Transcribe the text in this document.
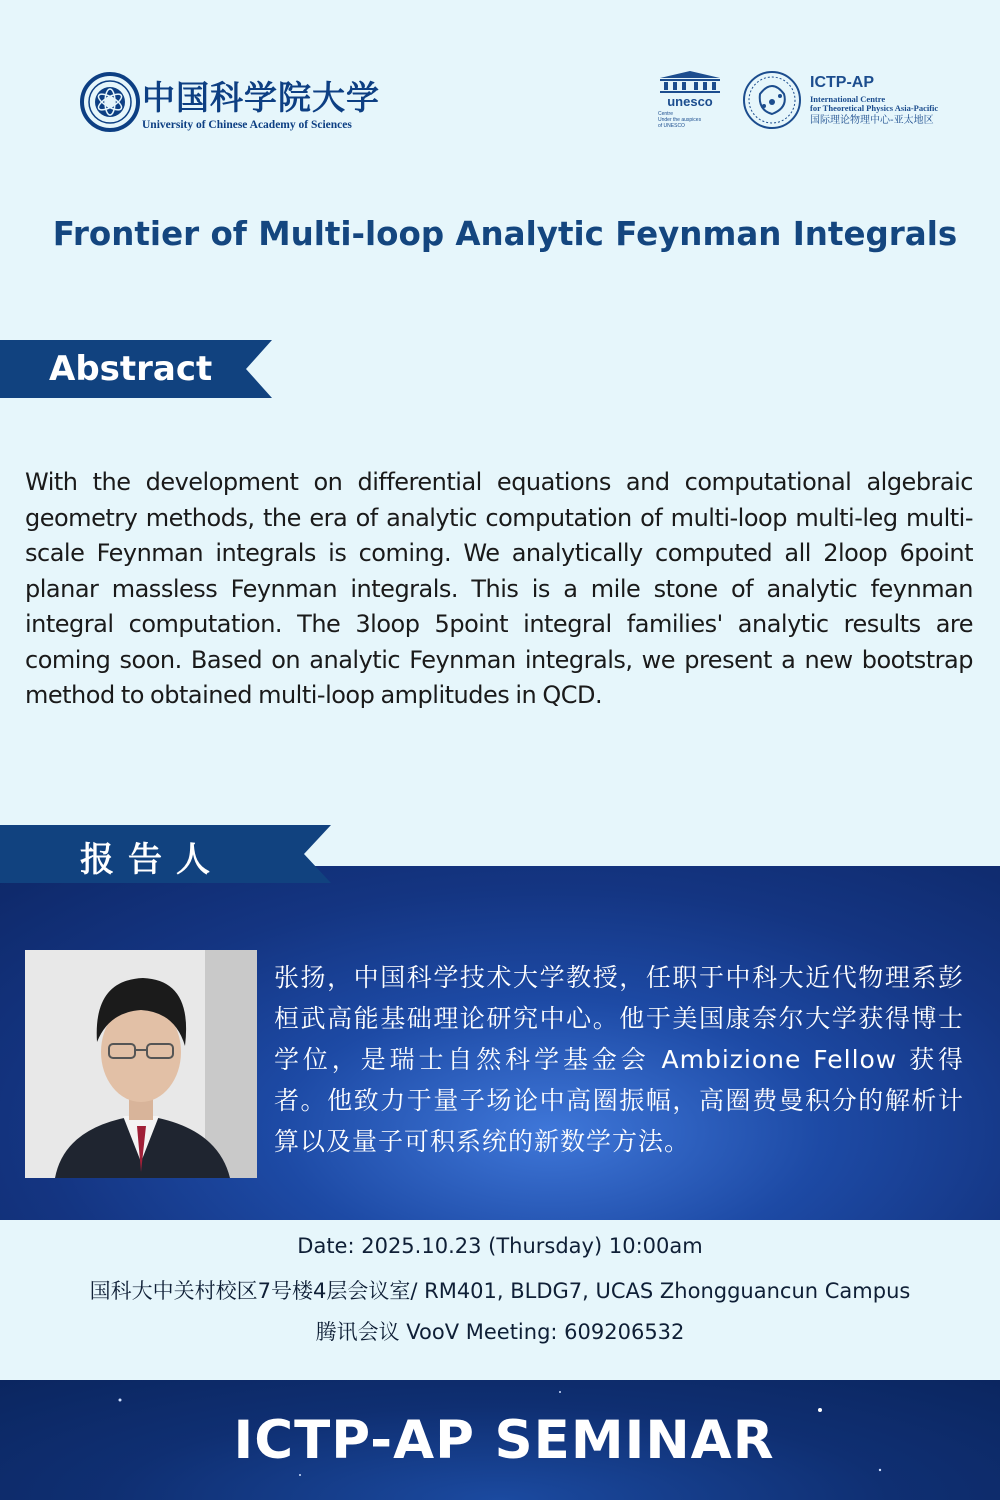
中国科学院大学
University of Chinese Academy of Sciences
unesco
Centre
Under the auspices
of UNESCO
ICTP-AP
International Centre
for Theoretical Physics Asia-Pacific
国际理论物理中心-亚太地区
Frontier of Multi-loop Analytic Feynman Integrals
Abstract
With the development on differential equations and computational algebraic geometry methods, the era of analytic computation of multi-loop multi-leg multi-scale Feynman integrals is coming. We analytically computed all 2loop 6point planar massless Feynman integrals. This is a mile stone of analytic feynman integral computation. The 3loop 5point integral families' analytic results are coming soon. Based on analytic Feynman integrals, we present a new bootstrap method to obtained multi-loop amplitudes in QCD.
张扬，中国科学技术大学教授，任职于中科大近代物理系彭桓武高能基础理论研究中心。他于美国康奈尔大学获得博士学位，是瑞士自然科学基金会 Ambizione Fellow 获得者。他致力于量子场论中高圈振幅，高圈费曼积分的解析计算以及量子可积系统的新数学方法。
报告人
Date: 2025.10.23 (Thursday) 10:00am
国科大中关村校区7号楼4层会议室/ RM401, BLDG7, UCAS Zhongguancun Campus
腾讯会议 VooV Meeting: 609206532
ICTP-AP SEMINAR
